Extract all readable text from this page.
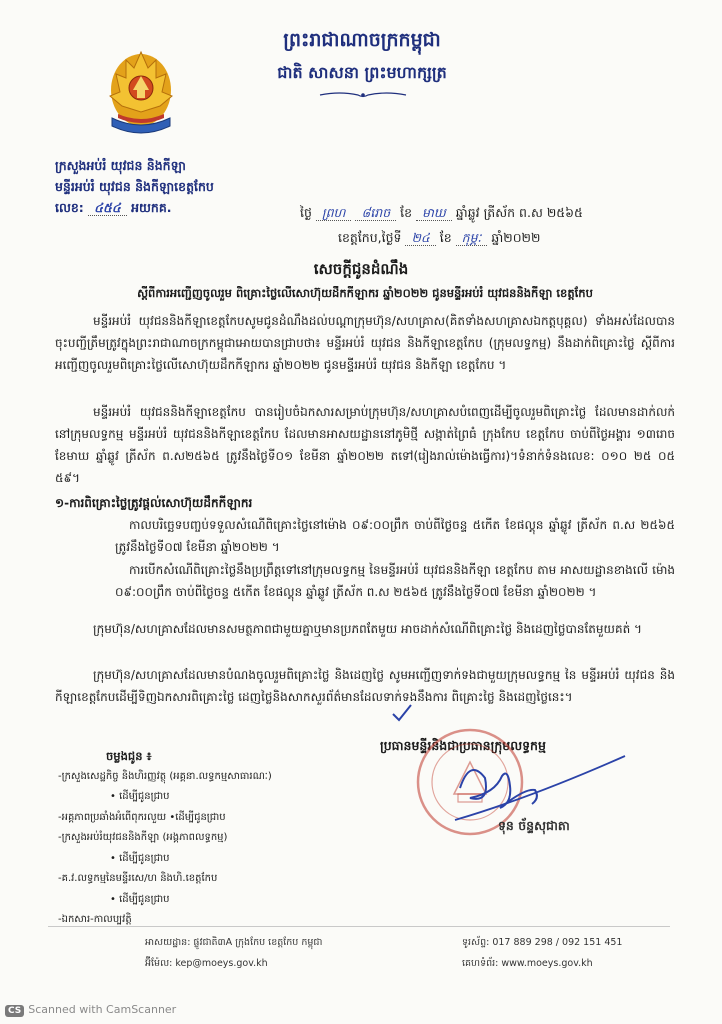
ព្រះរាជាណាចក្រកម្ពុជា
ជាតិ សាសនា ព្រះមហាក្សត្រ
ក្រសួងអប់រំ យុវជន និងកីឡា
មន្ទីរអប់រំ យុវជន និងកីឡាខេត្តកែប
លេខ: ៤៥៤ អយកគ.	ថ្ងៃ ព្រហ ៨រោច ខែ មាឃ ឆ្នាំឆ្លូវ ត្រីស័ក ព.ស ២៥៦៥
ខេត្តកែប,ថ្ងៃទី ២៤ ខែ កុម្ភៈ ឆ្នាំ២០២២
សេចក្តីជូនដំណឹង
ស្តីពីការអញ្ជើញចូលរួម ពិគ្រោះថ្លៃលើសោហ៊ុយដឹកកីឡាករ ឆ្នាំ២០២២ ជូនមន្ទីរអប់រំ យុវជននិងកីឡា ខេត្តកែប

មន្ទីរអប់រំ យុវជននិងកីឡាខេត្តកែបសូមជូនដំណឹងដល់បណ្តាក្រុមហ៊ុន/សហគ្រាស(គិតទាំងសហគ្រាសឯកត្តបុគ្គល) ទាំងអស់ដែលបានចុះបញ្ជីត្រឹមត្រូវក្នុងព្រះរាជាណាចក្រកម្ពុជាអោយបានជ្រាបថា៖ មន្ទីរអប់រំ យុវជន និងកីឡាខេត្តកែប (ក្រុមលទ្ធកម្ម) នឹងដាក់ពិគ្រោះថ្លៃ ស្តីពីការអញ្ជើញចូលរួមពិគ្រោះថ្លៃលើសោហ៊ុយដឹកកីឡាករ ឆ្នាំ២០២២ ជូនមន្ទីរអប់រំ យុវជន និងកីឡា ខេត្តកែប ។

មន្ទីរអប់រំ យុវជននិងកីឡាខេត្តកែប បានរៀបចំឯកសារសម្រាប់ក្រុមហ៊ុន/សហគ្រាសបំពេញដើម្បីចូលរួមពិគ្រោះថ្លៃ ដែលមានដាក់លក់នៅក្រុមលទ្ធកម្ម មន្ទីរអប់រំ យុវជននិងកីឡាខេត្តកែប ដែលមានអាសយដ្ឋាននៅភូមិថ្មី សង្កាត់ព្រៃធំ ក្រុងកែប ខេត្តកែប ចាប់ពីថ្ងៃអង្គារ ១៣រោច ខែមាឃ ឆ្នាំឆ្លូវ ត្រីស័ក ព.ស២៥៦៥ ត្រូវនឹងថ្ងៃទី០១ ខែមីនា ឆ្នាំ២០២២ តទៅ(រៀងរាល់ម៉ោងធ្វើការ)។ទំនាក់ទំនងលេខ: ០១០ ២៥ ០៥ ៥៩។

១-ការពិគ្រោះថ្លៃត្រូវផ្តល់សោហ៊ុយដឹកកីឡាករ

កាលបរិច្ឆេទបញ្ចប់ទទួលសំណើពិគ្រោះថ្លៃនៅម៉ោង ០៩:០០ព្រឹក ចាប់ពីថ្ងៃចន្ទ ៥កើត ខែផល្គុន ឆ្នាំឆ្លូវ ត្រីស័ក ព.ស ២៥៦៥ ត្រូវនឹងថ្ងៃទី០៧ ខែមីនា ឆ្នាំ២០២២ ។

ការបើកសំណើពិគ្រោះថ្លៃនឹងប្រព្រឹត្តទៅនៅក្រុមលទ្ធកម្ម នៃមន្ទីរអប់រំ យុវជននិងកីឡា ខេត្តកែប តាម អាសយដ្ឋានខាងលើ ម៉ោង ០៩:០០ព្រឹក ចាប់ពីថ្ងៃចន្ទ ៥កើត ខែផល្គុន ឆ្នាំឆ្លូវ ត្រីស័ក ព.ស ២៥៦៥ ត្រូវនឹងថ្ងៃទី០៧ ខែមីនា ឆ្នាំ២០២២ ។

ក្រុមហ៊ុន/សហគ្រាសដែលមានសមត្ថភាពជាមួយគ្នាឬមានប្រភពតែមួយ អាចដាក់សំណើពិគ្រោះថ្លៃ និងដេញថ្លៃបានតែមួយគត់ ។

ក្រុមហ៊ុន/សហគ្រាសដែលមានបំណងចូលរួមពិគ្រោះថ្លៃ និងដេញថ្លៃ សូមអញ្ជើញទាក់ទងជាមួយក្រុមលទ្ធកម្ម នៃ មន្ទីរអប់រំ យុវជន និងកីឡាខេត្តកែបដើម្បីទិញឯកសារពិគ្រោះថ្លៃ ដេញថ្លៃនិងសាកសួរព័ត៌មានដែលទាក់ទងនឹងការ ពិគ្រោះថ្លៃ និងដេញថ្លៃនេះ។

ប្រធានមន្ទីរនិងជាប្រធានក្រុមលទ្ធកម្ម
ទុន ច័ន្ទសុជាតា
ចម្លងជូន ៖
-ក្រសួងសេដ្ឋកិច្ច និងហិរញ្ញវត្ថុ (អគ្គនា.លទ្ធកម្មសាធារណៈ)
• ដើម្បីជូនជ្រាប
-អគ្គភាពប្រឆាំងអំពើពុករលួយ  • ដើម្បីជូនជ្រាប
-ក្រសួងអប់រំយុវជននិងកីឡា (អង្គភាពលទ្ធកម្ម)
• ដើម្បីជូនជ្រាប
-គ.វ.លទ្ធកម្មនៃមន្ទីរសេ/ហ និងហិ.ខេត្តកែប
• ដើម្បីជូនជ្រាប
-ឯកសារ-កាលប្បវត្តិ
អាសយដ្ឋាន: ផ្លូវជាតិ៣A ក្រុងកែប ខេត្តកែប កម្ពុជា
អ៊ីម៉ែល: kep@moeys.gov.kh
ទូរស័ព្ទ: 017 889 298 / 092 151 451
គេហទំព័រ: www.moeys.gov.kh
CS Scanned with CamScanner
